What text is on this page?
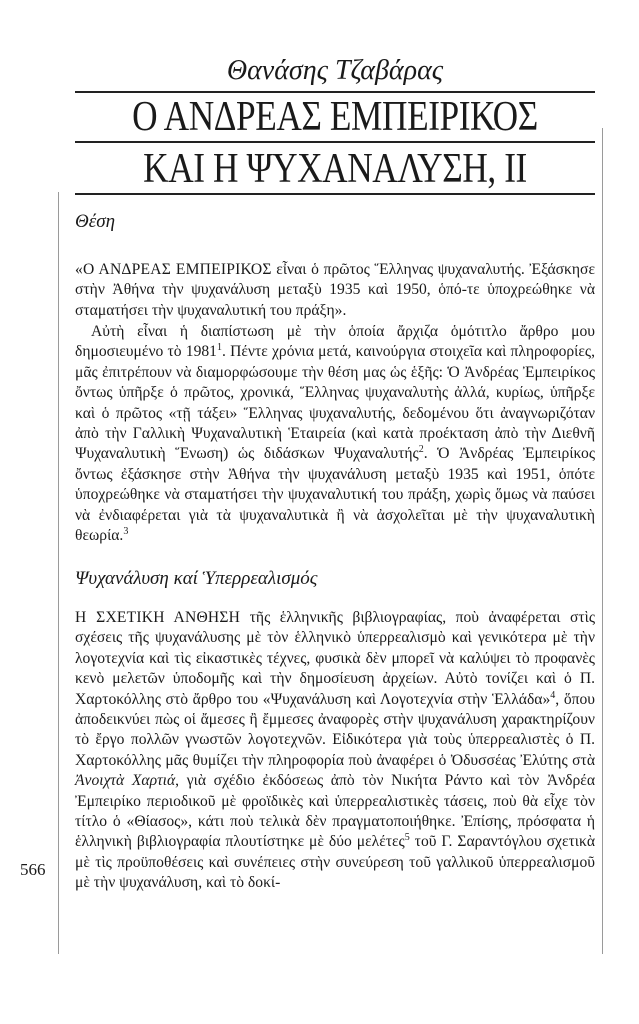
Θανάσης Τζαβάρας
Ο ΑΝΔΡΕΑΣ ΕΜΠΕΙΡΙΚΟΣ
ΚΑΙ Η ΨΥΧΑΝΑΛΥΣΗ, ΙΙ
Θέση

«Ο ΑΝΔΡΕΑΣ ΕΜΠΕΙΡΙΚΟΣ εἶναι ὁ πρῶτος Ἕλληνας ψυχαναλυτής. Ἐξάσκησε στὴν Ἀθήνα τὴν ψυχανάλυση μεταξὺ 1935 καὶ 1950, ὁπό-τε ὑποχρεώθηκε νὰ σταματήσει τὴν ψυχαναλυτική του πράξη».

Αὐτὴ εἶναι ἡ διαπίστωση μὲ τὴν ὁποία ἄρχιζα ὁμότιτλο ἄρθρο μου δημοσιευμένο τὸ 1981$^1$. Πέντε χρόνια μετά, καινούργια στοιχεῖα καὶ πληροφορίες, μᾶς ἐπιτρέπουν νὰ διαμορφώσουμε τὴν θέση μας ὡς ἑξῆς: Ὁ Ἀνδρέας Ἐμπειρίκος ὄντως ὑπῆρξε ὁ πρῶτος, χρονικά, Ἕλληνας ψυχαναλυτὴς ἀλλά, κυρίως, ὑπῆρξε καὶ ὁ πρῶτος «τῇ τάξει» Ἕλληνας ψυχαναλυτής, δεδομένου ὅτι ἀναγνωριζόταν ἀπὸ τὴν Γαλλικὴ Ψυχαναλυτικὴ Ἑταιρεία (καὶ κατὰ προέκταση ἀπὸ τὴν Διεθνῆ Ψυχαναλυτικὴ Ἕνωση) ὡς διδάσκων Ψυχαναλυτής$^2$. Ὁ Ἀνδρέας Ἐμπειρίκος ὄντως ἐξάσκησε στὴν Ἀθήνα τὴν ψυχανάλυση μεταξὺ 1935 καὶ 1951, ὁπότε ὑποχρεώθηκε νὰ σταματήσει τὴν ψυχαναλυτική του πράξη, χωρὶς ὅμως νὰ παύσει νὰ ἐνδιαφέρεται γιὰ τὰ ψυχαναλυτικὰ ἢ νὰ ἀσχολεῖται μὲ τὴν ψυχαναλυτικὴ θεωρία.$^3$

Ψυχανάλυση καί Ὑπερρεαλισμός

Η ΣΧΕΤΙΚΗ ΑΝΘΗΣΗ τῆς ἑλληνικῆς βιβλιογραφίας, ποὺ ἀναφέρεται στὶς σχέσεις τῆς ψυχανάλυσης μὲ τὸν ἑλληνικὸ ὑπερρεαλισμὸ καὶ γενικότερα μὲ τὴν λογοτεχνία καὶ τὶς εἰκαστικὲς τέχνες, φυσικὰ δὲν μπορεῖ νὰ καλύψει τὸ προφανὲς κενὸ μελετῶν ὑποδομῆς καὶ τὴν δημοσίευση ἀρχείων. Αὐτὸ τονίζει καὶ ὁ Π. Χαρτοκόλλης στὸ ἄρθρο του «Ψυχανάλυση καὶ Λογοτεχνία στὴν Ἑλλάδα»$^4$, ὅπου ἀποδεικνύει πὼς οἱ ἄμεσες ἢ ἔμμεσες ἀναφορὲς στὴν ψυχανάλυση χαρακτηρίζουν τὸ ἔργο πολλῶν γνωστῶν λογοτεχνῶν. Εἰδικότερα γιὰ τοὺς ὑπερρεαλιστὲς ὁ Π. Χαρτοκόλλης μᾶς θυμίζει τὴν πληροφορία ποὺ ἀναφέρει ὁ Ὀδυσσέας Ἐλύτης στὰ Ἀνοιχτὰ Χαρτιά, γιὰ σχέδιο ἐκδόσεως ἀπὸ τὸν Νικήτα Ράντο καὶ τὸν Ἀνδρέα Ἐμπειρίκο περιοδικοῦ μὲ φροϊδικὲς καὶ ὑπερρεαλιστικὲς τάσεις, ποὺ θὰ εἶχε τὸν τίτλο ὁ «Θίασος», κάτι ποὺ τελικὰ δὲν πραγματοποιήθηκε. Ἐπίσης, πρόσφατα ἡ ἑλληνικὴ βιβλιογραφία πλουτίστηκε μὲ δύο μελέτες$^5$ τοῦ Γ. Σαραντόγλου σχετικὰ μὲ τὶς προϋποθέσεις καὶ συνέπειες στὴν συνεύρεση τοῦ γαλλικοῦ ὑπερρεαλισμοῦ μὲ τὴν ψυχανάλυση, καὶ τὸ δοκί-

566
